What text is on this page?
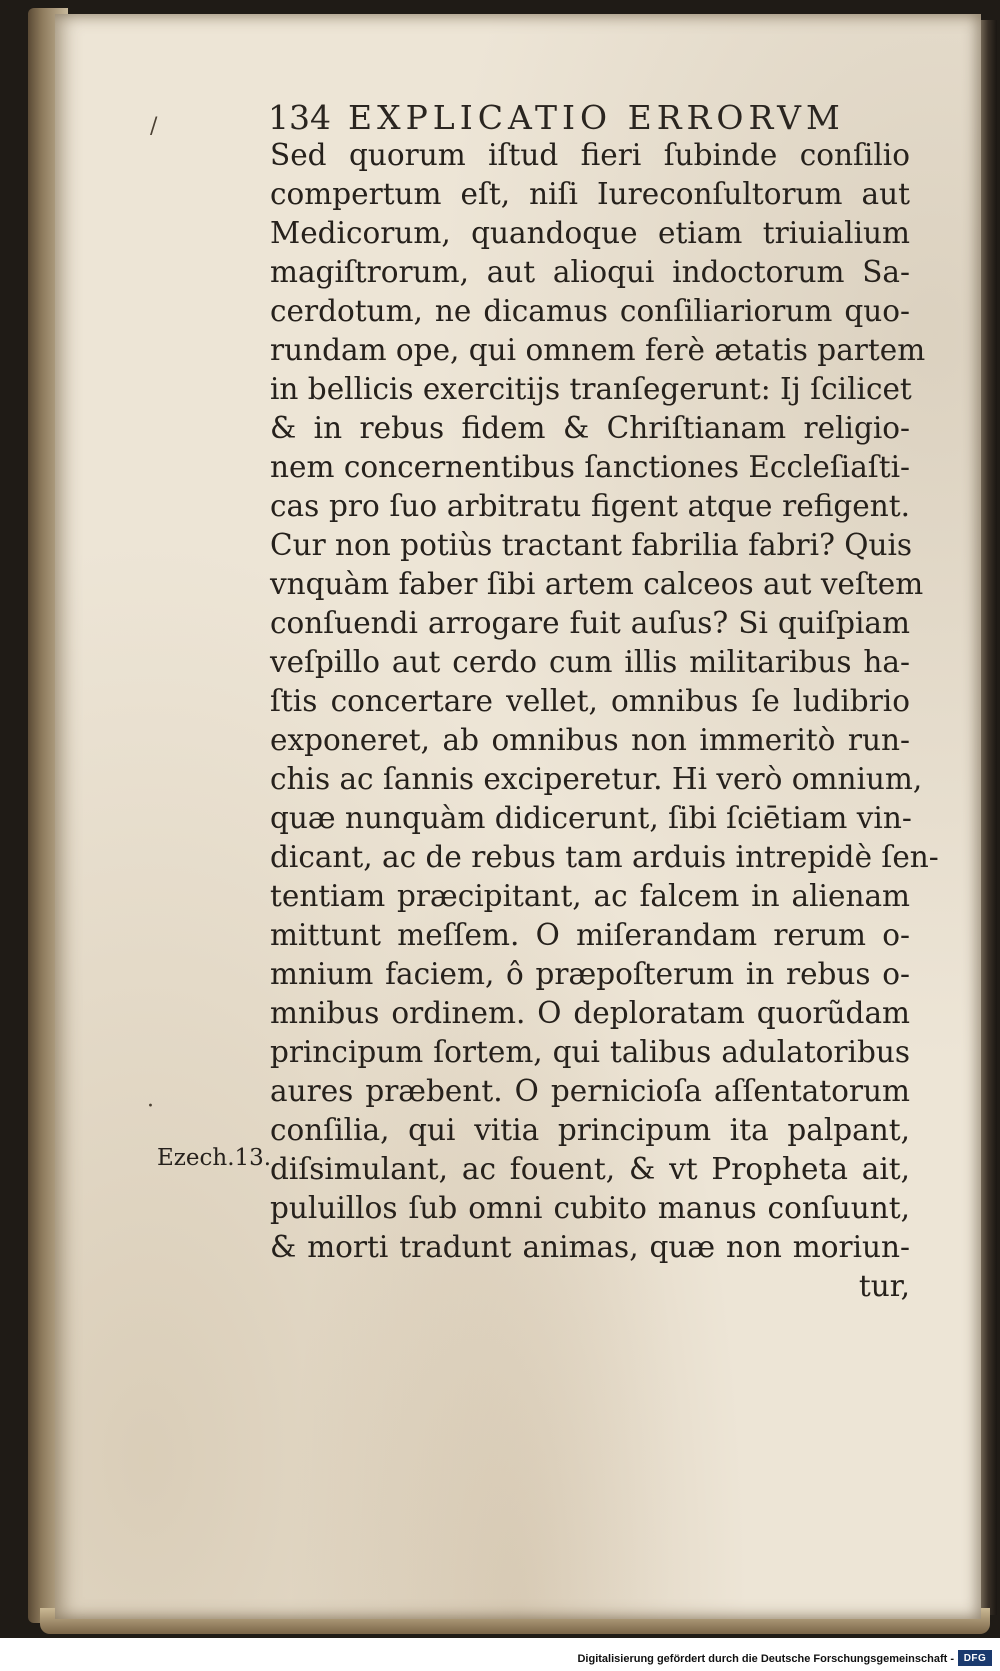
/
·
134 EXPLICATIO ERRORVM
Sed quorum iſtud fieri ſubinde conſilio
compertum eſt, niſi Iureconſultorum aut
Medicorum, quandoque etiam triuialium
magiſtrorum, aut alioqui indoctorum Sa-
cerdotum, ne dicamus conſiliariorum quo-
rundam ope, qui omnem ferè ætatis partem
in bellicis exercitijs tranſegerunt: Ij ſcilicet
& in rebus fidem & Chriſtianam religio-
nem concernentibus ſanctiones Eccleſiaſti-
cas pro ſuo arbitratu figent atque refigent.
Cur non potiùs tractant fabrilia fabri? Quis
vnquàm faber ſibi artem calceos aut veſtem
conſuendi arrogare fuit auſus? Si quiſpiam
veſpillo aut cerdo cum illis militaribus ha-
ſtis concertare vellet, omnibus ſe ludibrio
exponeret, ab omnibus non immeritò run-
chis ac ſannis exciperetur. Hi verò omnium,
quæ nunquàm didicerunt, ſibi ſciētiam vin-
dicant, ac de rebus tam arduis intrepidè ſen-
tentiam præcipitant, ac falcem in alienam
mittunt meſſem. O miſerandam rerum o-
mnium faciem, ô præpoſterum in rebus o-
mnibus ordinem. O deploratam quorũdam
principum ſortem, qui talibus adulatoribus
aures præbent. O pernicioſa aſſentatorum
conſilia, qui vitia principum ita palpant,
diſsimulant, ac fouent, & vt Propheta ait,
puluillos ſub omni cubito manus conſuunt,
& morti tradunt animas, quæ non moriun-
tur,
Ezech.13.
Digitalisierung gefördert durch die Deutsche Forschungsgemeinschaft - DFG
